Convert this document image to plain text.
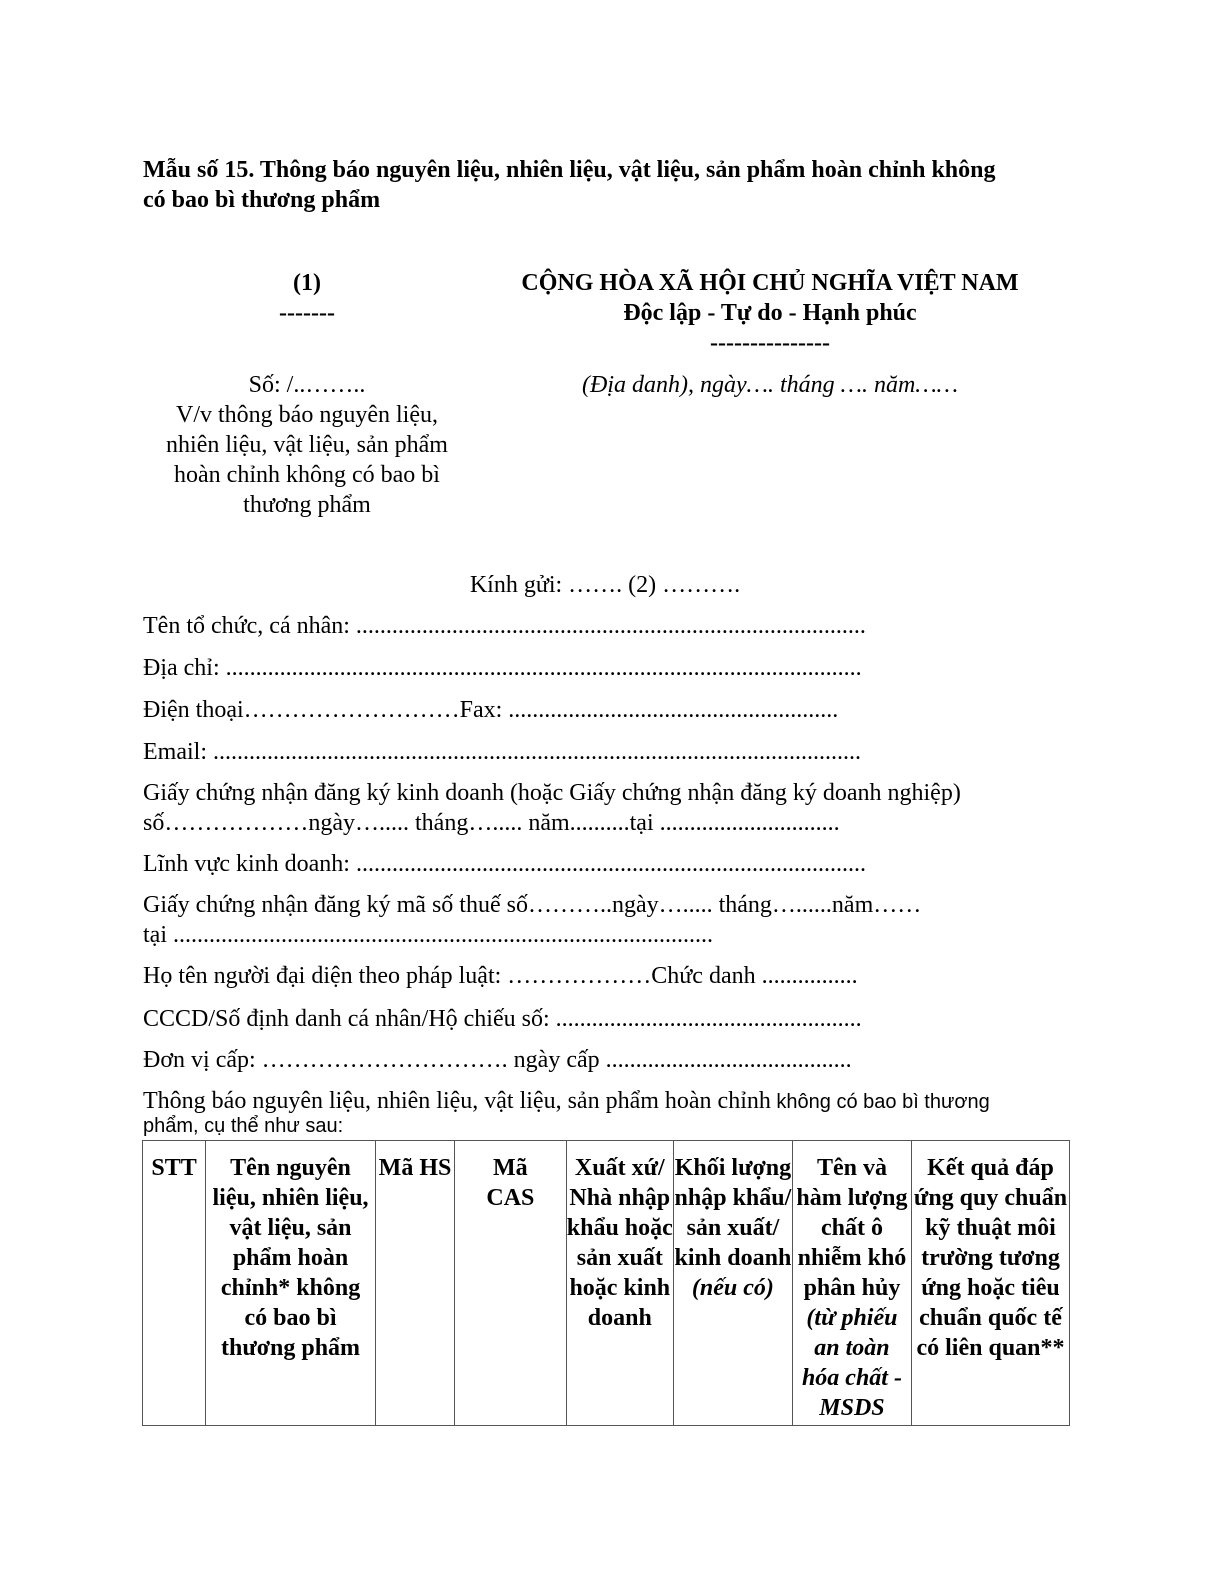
Mẫu số 15. Thông báo nguyên liệu, nhiên liệu, vật liệu, sản phẩm hoàn chỉnh không
có bao bì thương phẩm
(1)
-------
CỘNG HÒA XÃ HỘI CHỦ NGHĨA VIỆT NAM
Độc lập - Tự do - Hạnh phúc
---------------
Số: /..……..
V/v thông báo nguyên liệu,
nhiên liệu, vật liệu, sản phẩm
hoàn chỉnh không có bao bì
thương phẩm
(Địa danh), ngày…. tháng …. năm……
Kính gửi: ……. (2) ……….
Tên tổ chức, cá nhân: .....................................................................................
Địa chỉ: ..........................................................................................................
Điện thoại………………………Fax: .......................................................
Email: ............................................................................................................
Giấy chứng nhận đăng ký kinh doanh (hoặc Giấy chứng nhận đăng ký doanh nghiệp)
số………………ngày…..... tháng…..... năm..........tại ..............................
Lĩnh vực kinh doanh: .....................................................................................
Giấy chứng nhận đăng ký mã số thuế số………..ngày…..... tháng…......năm……
tại ..........................................................................................
Họ tên người đại diện theo pháp luật: ………………Chức danh ................
CCCD/Số định danh cá nhân/Hộ chiếu số: ...................................................
Đơn vị cấp: …………………………. ngày cấp .........................................
Thông báo nguyên liệu, nhiên liệu, vật liệu, sản phẩm hoàn chỉnh không có bao bì thương
phẩm, cụ thể như sau:
STT	Tên nguyên liệu, nhiên liệu, vật liệu, sản phẩm hoàn chỉnh* không có bao bì thương phẩm	Mã HS	Mã CAS	Xuất xứ/ Nhà nhập khẩu hoặc sản xuất hoặc kinh doanh	Khối lượng nhập khẩu/ sản xuất/ kinh doanh (nếu có)	Tên và hàm lượng chất ô nhiễm khó phân hủy (từ phiếu an toàn hóa chất - MSDS	Kết quả đáp ứng quy chuẩn kỹ thuật môi trường tương ứng hoặc tiêu chuẩn quốc tế có liên quan**
